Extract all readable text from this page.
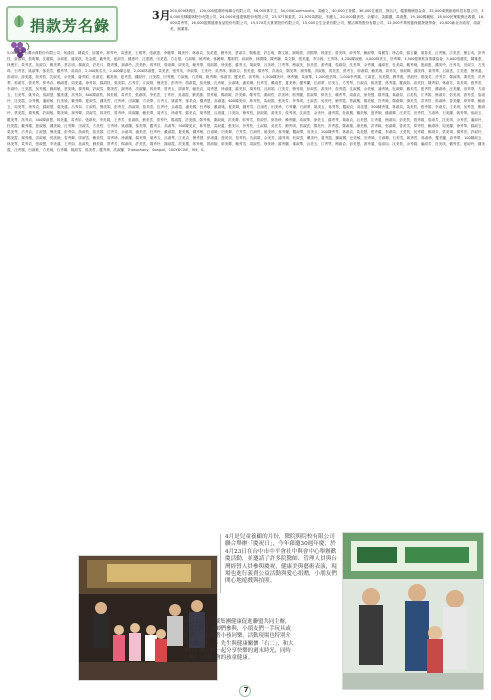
捐款芳名錄
3月 200,000林炳良，100,000健康時尚聯合有限公司，56,000林宇文，50,000Communitu，黃鐵文，40,000王麥勝，36,000江應昌，無名氏，健康關懷基金會，35,000東興創意科技有限公司，30,000光輝園林股份有限公司，24,000家盛建築股份有限公司，23,377林素雲，21,970黃國詮，朱應人，20,000陳世昌，余順宗，黃錦濃，黃淑慧，19,180楊麗郁，18,000民眾服務社義賣，16,000黃秀琴，16,000振興健康食品股份有限公司，15,570英大實業股份有限公司，15,000合生企業有限公司，樂活萬物股份有限公司，12,000中華營養保健發展學會，10,000新北市政府，周淑美，謝鴻基。
5,000歐美台灣水務股份有限公司，何鴻晉，陳素芳，邱蕙玲，林秀玲，黃惠美，王雅琴，張淑惠，李麗華，陳美玲，林淑貞，吳美惠，劉秀英，蔡淑芬，楊雅惠，許志明，鄭文雄，謝明德，洪國華，郭建宏，曾美珠，廖秀琴，賴淑華，周麗雪，徐志偉，蘇玉蘭，葉春美，呂秀鳳，江美雲，簡志成，彭秀枝，游淑娟，詹明輝，沈麗娟，余淑惠，潘美琪，杜金龍，戴秀美，夏淑芳，鍾惠玲，汪建國，田美霞，方志強，石淑敏，姚秀娥，孫麗卿，羅明哲，高淑珍，林國棟，陳秀蘭，黃文賢，張美蓮，李宗翰，王秀珠，4,200陳淑敏，4,000林美玉，許秀卿，3,500健康飲食推廣協會，3,000張麗雲，陳雅惠，林俊宏，黃秀雲，吳淑芬，劉美華，蔡志明，楊淑貞，許美月，鄭秀鳳，謝淑玲，洪美鈴，郭秀枝，曾淑卿，廖美英，賴秀華，周淑娟，徐美惠，蘇秀玉，葉淑華，呂美珍，江秀琴，簡淑美，彭美雲，游秀蓮，詹淑如，沈美華，余秀鳳，潘淑雲，杜美娟，戴秀娥，夏淑惠，鍾美玲，汪秀英，田淑芬，方美珠，石秀雲，姚淑華，孫美雪，羅秀琴，高淑貞，2,500無名氏，2,400陳志豪，2,000林淑慧，黃美雲，張秀英，李淑華，王美玲，吳秀珠，劉淑芬，蔡美惠，楊秀琴，許淑貞，鄭美華，謝秀鳳，洪淑敏，郭美雲，曾秀玉，廖淑娟，賴美娥，周秀英，徐淑卿，蘇美珠，葉秀華，呂淑雲，江美惠，簡秀蓮，彭淑如，游美蓮，詹秀枝，沈淑美，余美鳳，潘秀娟，杜淑芳，戴美琪，夏秀雲，鍾淑玲，汪美霞，田秀鳳，方淑敏，石美娥，姚秀卿，孫淑雪，羅美哲，高秀珍，1,500陳美玲，林秀蘭，黃淑華，1,200張美珠，1,000李秀鳳，王淑雲，吳美娟，劉秀惠，蔡淑玲，楊美英，許秀芬，鄭淑珠，謝美雲，洪秀華，郭淑雪，曾美琴，廖秀貞，賴淑慧，周美蓮，徐秀如，蘇淑枝，葉美娟，呂秀芳，江淑琪，簡美雲，彭秀玲，游淑霞，詹美鳳，沈秀敏，余淑娥，潘美卿，杜秀雪，戴淑哲，夏美珍，鍾秀蘭，汪淑華，田美玉，方秀琴，石淑貞，姚美慧，孫秀蓮，羅淑如，高美枝，陳秀娟，林淑芳，黃美琪，張秀雲，李淑玲，王美霞，吳秀鳳，劉淑敏，蔡美娥，楊秀卿，許淑雪，鄭美哲，謝秀珍，洪淑蘭，郭美華，曾秀玉，廖淑琴，賴美貞，周秀慧，徐淑蓮，蘇美如，葉秀枝，呂淑娟，江美芳，簡秀琪，彭淑雲，游美玲，詹秀霞，沈淑鳳，余美敏，潘秀娥，杜淑卿，戴美雪，夏秀哲，鍾淑珍，汪美蘭，田秀華，方淑玉，石美琴，姚秀貞，孫淑慧，羅美蓮，高秀如，800陳淑枝，林美娟，黃秀芳，張淑琪，李美雲，王秀玲，吳淑霞，劉美鳳，蔡秀敏，楊淑娥，許美卿，鄭秀雪，謝淑哲，洪美珍，郭秀蘭，曾淑華，廖美玉，賴秀琴，周淑貞，徐美慧，蘇秀蓮，葉淑如，呂美枝，江秀娟，簡淑芳，彭美琪，游秀雲，詹淑玲，沈美霞，余秀鳳，潘淑敏，杜美娥，戴秀卿，夏淑雪，鍾美哲，汪秀珍，田淑蘭，方美華，石秀玉，姚淑琴，孫美貞，羅秀慧，高淑蓮，600陳美如，林秀枝，黃淑娟，張美芳，李秀琪，王淑雲，吳美玲，劉秀霞，蔡淑鳳，楊美敏，許秀娥，鄭淑卿，謝美雪，洪秀哲，郭淑珍，曾美蘭，廖秀華，賴淑玉，周美琴，徐秀貞，蘇淑慧，葉美蓮，呂秀如，江淑枝，簡美娟，彭秀芳，游淑琪，詹美雲，沈秀玲，余淑霞，潘美鳳，杜秀敏，戴淑娥，夏美卿，鍾秀雪，汪淑哲，田美珍，方秀蘭，石淑華，姚美玉，孫秀琴，羅淑貞，高美慧，500陳秀蓮，林淑如，黃美枝，張秀娟，李淑芳，王美琪，吳秀雲，劉淑玲，蔡美霞，楊秀鳳，許淑敏，鄭美娥，謝秀卿，洪淑雪，郭美哲，曾秀珍，廖淑蘭，賴美華，周秀玉，徐淑琴，蘇美貞，葉秀慧，呂淑蓮，江美如，簡秀枝，彭淑娟，游美芳，詹秀琪，沈淑雲，余美玲，潘秀霞，杜淑鳳，戴美敏，夏秀娥，鍾淑卿，汪美雪，田秀哲，方淑珍，石美蘭，姚秀華，孫淑玉，羅美琴，高秀貞，400陳淑慧，林美蓮，黃秀如，張淑枝，李美娟，王秀芳，吳淑琪，劉美雲，蔡秀玲，楊淑霞，許美鳳，鄭秀敏，謝淑娥，洪美卿，郭秀雪，曾淑哲，廖美珍，賴秀蘭，周淑華，徐美玉，蘇秀琴，葉淑貞，呂美慧，江秀蓮，簡淑如，彭美枝，游秀娟，詹淑芳，沈美琪，余秀雲，潘淑玲，杜美霞，戴秀鳳，夏淑敏，鍾美娥，汪秀卿，田淑雪，方美哲，石秀珍，姚淑蘭，孫美華，羅秀玉，高淑琴，300陳美貞，林秀慧，黃淑蓮，張美如，李秀枝，王淑娟，吳美芳，劉秀琪，蔡淑雲，楊美玲，許秀霞，鄭淑鳳，謝美敏，洪秀娥，郭淑卿，曾美雪，廖秀哲，賴淑珍，周美蘭，徐秀華，蘇淑玉，葉美琴，呂秀貞，江淑慧，簡美蓮，彭秀如，游淑枝，詹美娟，沈秀芳，余淑琪，潘美雲，杜秀玲，戴淑霞，夏美鳳，鍾秀敏，汪淑娥，田美卿，方秀雪，石淑哲，姚美珍，孫秀蘭，羅淑華，高美玉，200陳秀琴，林淑貞，黃美慧，張秀蓮，李淑如，王美枝，吳秀娟，劉淑芳，蔡美琪，楊秀雲，許淑玲，鄭美霞，謝秀鳳，洪淑敏，郭美娥，曾秀卿，廖淑雪，賴美哲，周秀珍，徐淑蘭，蘇美華，葉秀玉，呂淑琴，江美貞，簡秀慧，彭淑蓮，游美如，詹秀枝，沈淑娟，余美芳，潘秀琪，杜淑雲，戴美玲，夏秀霞，鍾淑鳳，汪美敏，田秀娥，方淑卿，石美雪，姚秀哲，孫淑珍，羅美蘭，高秀華，100陳淑玉，林美琴，黃秀貞，張淑慧，李美蓮，王秀如，吳淑枝，劉美娟，蔡秀芳，楊淑琪，許美雲，鄭秀玲，謝淑霞，洪美鳳，郭秀敏，曾淑娥，廖美卿，賴秀雪，周淑哲，徐美珍，蘇秀蘭，葉淑華，呂美玉，江秀琴，簡淑貞，彭美慧，游秀蓮，詹淑如，沈美枝，余秀娟，潘淑芳，杜美琪，戴秀雲，夏淑玲，鍾美霞，汪秀鳳，田淑敏，方美娥，石秀卿，姚淑雪，孫美哲，羅秀珍，高淑蘭，Triptophany，Seagull，100YDCIVE，KM，S。
4月是兒童養顧的月份，醫院與院校有限公司聯合舉辦「慶祝日」，今年藉邀30週年慶，於4月23日在台中市中平會社中與會中心舉辦歡慶活動，並邀請了許多院醫師、管理人員與台灣經營人員參與慶祝，健康美與藝術表演，現場也進行義賣公益活動與愛心捐贈，小朋友們開心地遊戲與拍照。
4月14日由鈺威集團健康促進聯盟共同主辦，邀請了許多醫師們參與，小朋友們一手玩具或者畫，一起跟著小孩同樂，活動現場也特別介紹人員（右一）先生與健康關懷「右二」，和大朋友小朋友們一起分享快樂的週末時光，同時也關心台灣社會的孩童健康。
7
